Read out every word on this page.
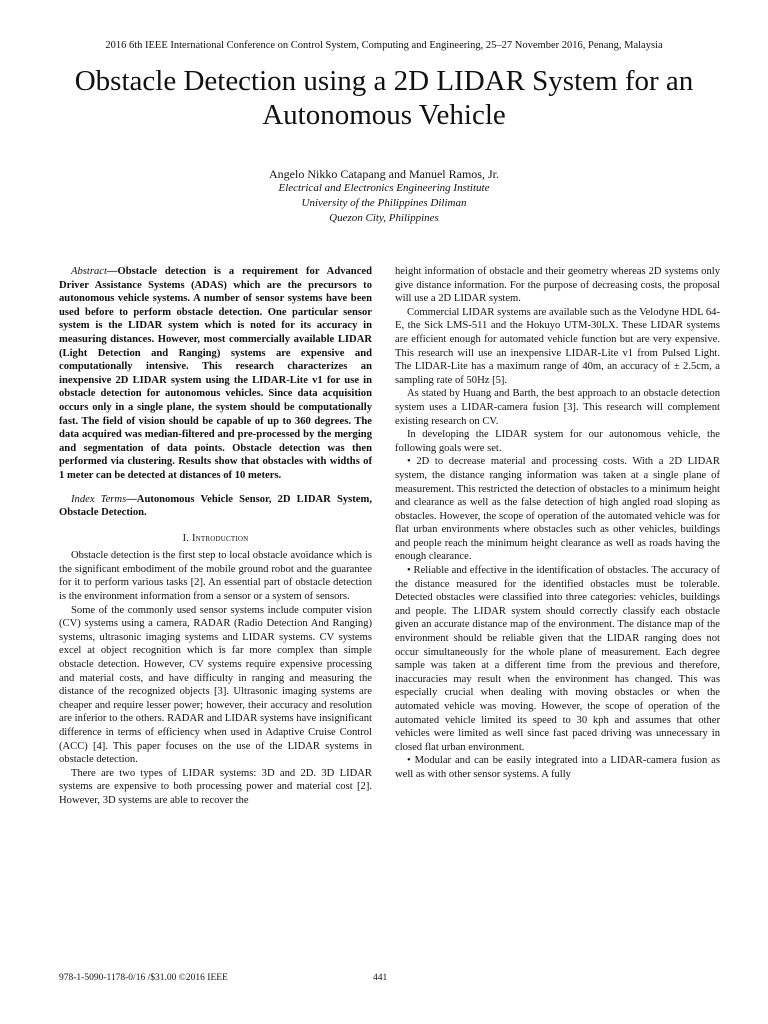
2016 6th IEEE International Conference on Control System, Computing and Engineering, 25–27 November 2016, Penang, Malaysia
Obstacle Detection using a 2D LIDAR System for an Autonomous Vehicle
Angelo Nikko Catapang and Manuel Ramos, Jr.
Electrical and Electronics Engineering Institute
University of the Philippines Diliman
Quezon City, Philippines

Abstract—Obstacle detection is a requirement for Advanced Driver Assistance Systems (ADAS) which are the precursors to autonomous vehicle systems. A number of sensor systems have been used before to perform obstacle detection. One particular sensor system is the LIDAR system which is noted for its accuracy in measuring distances. However, most commercially available LIDAR (Light Detection and Ranging) systems are expensive and computationally intensive. This research characterizes an inexpensive 2D LIDAR system using the LIDAR-Lite v1 for use in obstacle detection for autonomous vehicles. Since data acquisition occurs only in a single plane, the system should be computationally fast. The field of vision should be capable of up to 360 degrees. The data acquired was median-filtered and pre-processed by the merging and segmentation of data points. Obstacle detection was then performed via clustering. Results show that obstacles with widths of 1 meter can be detected at distances of 10 meters.

Index Terms—Autonomous Vehicle Sensor, 2D LIDAR System, Obstacle Detection.

I. Introduction

Obstacle detection is the first step to local obstacle avoidance which is the significant embodiment of the mobile ground robot and the guarantee for it to perform various tasks [2]. An essential part of obstacle detection is the environment information from a sensor or a system of sensors.

Some of the commonly used sensor systems include computer vision (CV) systems using a camera, RADAR (Radio Detection And Ranging) systems, ultrasonic imaging systems and LIDAR systems. CV systems excel at object recognition which is far more complex than simple obstacle detection. However, CV systems require expensive processing and material costs, and have difficulty in ranging and measuring the distance of the recognized objects [3]. Ultrasonic imaging systems are cheaper and require lesser power; however, their accuracy and resolution are inferior to the others. RADAR and LIDAR systems have insignificant difference in terms of efficiency when used in Adaptive Cruise Control (ACC) [4]. This paper focuses on the use of the LIDAR systems in obstacle detection.

There are two types of LIDAR systems: 3D and 2D. 3D LIDAR systems are expensive to both processing power and material cost [2]. However, 3D systems are able to recover the

height information of obstacle and their geometry whereas 2D systems only give distance information. For the purpose of decreasing costs, the proposal will use a 2D LIDAR system.

Commercial LIDAR systems are available such as the Velodyne HDL 64-E, the Sick LMS-511 and the Hokuyo UTM-30LX. These LIDAR systems are efficient enough for automated vehicle function but are very expensive. This research will use an inexpensive LIDAR-Lite v1 from Pulsed Light. The LIDAR-Lite has a maximum range of 40m, an accuracy of ± 2.5cm, a sampling rate of 50Hz [5].

As stated by Huang and Barth, the best approach to an obstacle detection system uses a LIDAR-camera fusion [3]. This research will complement existing research on CV.

In developing the LIDAR system for our autonomous vehicle, the following goals were set.

• 2D to decrease material and processing costs. With a 2D LIDAR system, the distance ranging information was taken at a single plane of measurement. This restricted the detection of obstacles to a minimum height and clearance as well as the false detection of high angled road sloping as obstacles. However, the scope of operation of the automated vehicle was for flat urban environments where obstacles such as other vehicles, buildings and people reach the minimum height clearance as well as roads having the enough clearance.

• Reliable and effective in the identification of obstacles. The accuracy of the distance measured for the identified obstacles must be tolerable. Detected obstacles were classified into three categories: vehicles, buildings and people. The LIDAR system should correctly classify each obstacle given an accurate distance map of the environment. The distance map of the environment should be reliable given that the LIDAR ranging does not occur simultaneously for the whole plane of measurement. Each degree sample was taken at a different time from the previous and therefore, inaccuracies may result when the environment has changed. This was especially crucial when dealing with moving obstacles or when the automated vehicle was moving. However, the scope of operation of the automated vehicle limited its speed to 30 kph and assumes that other vehicles were limited as well since fast paced driving was unnecessary in closed flat urban environment.

• Modular and can be easily integrated into a LIDAR-camera fusion as well as with other sensor systems. A fully

978-1-5090-1178-0/16 /$31.00 ©2016 IEEE	441
